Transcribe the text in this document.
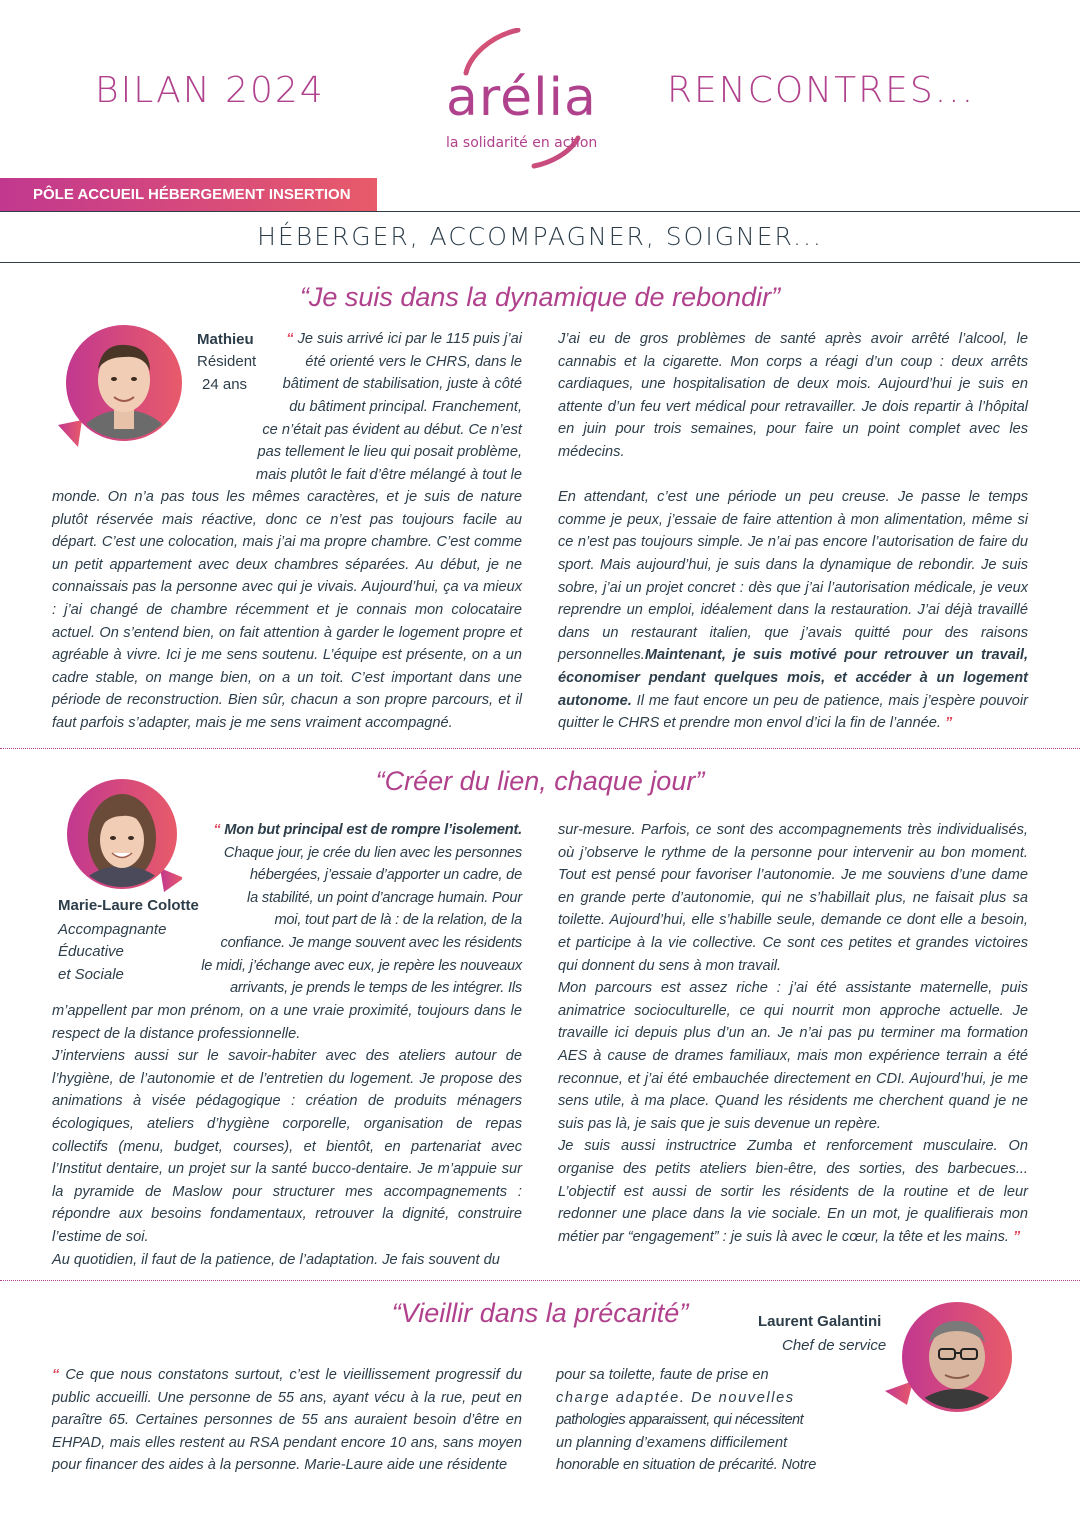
BILAN 2024	RENCONTRES...
arélia
la solidarité en action
PÔLE ACCUEIL HÉBERGEMENT INSERTION
HÉBERGER, ACCOMPAGNER, SOIGNER...
“Je suis dans la dynamique de rebondir”
Mathieu
Résident
24 ans
“ Je suis arrivé ici par le 115 puis j’ai
été orienté vers le CHRS, dans le
bâtiment de stabilisation, juste à côté
du bâtiment principal. Franchement,
ce n’était pas évident au début. Ce n’est
pas tellement le lieu qui posait problème,
mais plutôt le fait d’être mélangé à tout le
monde. On n’a pas tous les mêmes caractères, et je suis de nature plutôt réservée mais réactive, donc ce n’est pas toujours facile au départ. C’est une colocation, mais j’ai ma propre chambre. C’est comme un petit appartement avec deux chambres séparées. Au début, je ne connaissais pas la personne avec qui je vivais. Aujourd’hui, ça va mieux : j’ai changé de chambre récemment et je connais mon colocataire actuel. On s’entend bien, on fait attention à garder le logement propre et agréable à vivre. Ici je me sens soutenu. L’équipe est présente, on a un cadre stable, on mange bien, on a un toit. C’est important dans une période de reconstruction. Bien sûr, chacun a son propre parcours, et il faut parfois s’adapter, mais je me sens vraiment accompagné.
J’ai eu de gros problèmes de santé après avoir arrêté l’alcool, le cannabis et la cigarette. Mon corps a réagi d’un coup : deux arrêts cardiaques, une hospitalisation de deux mois. Aujourd’hui je suis en attente d’un feu vert médical pour retravailler. Je dois repartir à l’hôpital en juin pour trois semaines, pour faire un point complet avec les médecins.
En attendant, c’est une période un peu creuse. Je passe le temps comme je peux, j’essaie de faire attention à mon alimentation, même si ce n’est pas toujours simple. Je n’ai pas encore l’autorisation de faire du sport. Mais aujourd’hui, je suis dans la dynamique de rebondir. Je suis sobre, j’ai un projet concret : dès que j’ai l’autorisation médicale, je veux reprendre un emploi, idéalement dans la restauration. J’ai déjà travaillé dans un restaurant italien, que j’avais quitté pour des raisons personnelles.Maintenant, je suis motivé pour retrouver un travail, économiser pendant quelques mois, et accéder à un logement autonome. Il me faut encore un peu de patience, mais j’espère pouvoir quitter le CHRS et prendre mon envol d’ici la fin de l’année. ”
“Créer du lien, chaque jour”
Marie-Laure Colotte
Accompagnante
Éducative
et Sociale
“ Mon but principal est de rompre l’isolement.
Chaque jour, je crée du lien avec les personnes
hébergées, j’essaie d’apporter un cadre, de
la stabilité, un point d’ancrage humain. Pour
moi, tout part de là : de la relation, de la
confiance. Je mange souvent avec les résidents
le midi, j’échange avec eux, je repère les nouveaux
arrivants, je prends le temps de les intégrer. Ils
m’appellent par mon prénom, on a une vraie proximité, toujours dans le respect de la distance professionnelle.
J’interviens aussi sur le savoir-habiter avec des ateliers autour de l’hygiène, de l’autonomie et de l’entretien du logement. Je propose des animations à visée pédagogique : création de produits ménagers écologiques, ateliers d’hygiène corporelle, organisation de repas collectifs (menu, budget, courses), et bientôt, en partenariat avec l’Institut dentaire, un projet sur la santé bucco-dentaire. Je m’appuie sur la pyramide de Maslow pour structurer mes accompagnements : répondre aux besoins fondamentaux, retrouver la dignité, construire l’estime de soi.
Au quotidien, il faut de la patience, de l’adaptation. Je fais souvent du
sur-mesure. Parfois, ce sont des accompagnements très individualisés, où j’observe le rythme de la personne pour intervenir au bon moment. Tout est pensé pour favoriser l’autonomie. Je me souviens d’une dame en grande perte d’autonomie, qui ne s’habillait plus, ne faisait plus sa toilette. Aujourd’hui, elle s’habille seule, demande ce dont elle a besoin, et participe à la vie collective. Ce sont ces petites et grandes victoires qui donnent du sens à mon travail.
Mon parcours est assez riche : j’ai été assistante maternelle, puis animatrice socioculturelle, ce qui nourrit mon approche actuelle. Je travaille ici depuis plus d’un an. Je n’ai pas pu terminer ma formation AES à cause de drames familiaux, mais mon expérience terrain a été reconnue, et j’ai été embauchée directement en CDI. Aujourd’hui, je me sens utile, à ma place. Quand les résidents me cherchent quand je ne suis pas là, je sais que je suis devenue un repère.
Je suis aussi instructrice Zumba et renforcement musculaire. On organise des petits ateliers bien-être, des sorties, des barbecues... L’objectif est aussi de sortir les résidents de la routine et de leur redonner une place dans la vie sociale. En un mot, je qualifierais mon métier par “engagement” : je suis là avec le cœur, la tête et les mains. ”
“Vieillir dans la précarité”	Laurent Galantini
Chef de service
“ Ce que nous constatons surtout, c’est le vieillissement progressif du public accueilli. Une personne de 55 ans, ayant vécu à la rue, peut en paraître 65. Certaines personnes de 55 ans auraient besoin d’être en EHPAD, mais elles restent au RSA pendant encore 10 ans, sans moyen pour financer des aides à la personne. Marie-Laure aide une résidente
pour sa toilette, faute de prise en
charge adaptée. De nouvelles
pathologies apparaissent, qui nécessitent
un planning d’examens difficilement
honorable en situation de précarité. Notre
